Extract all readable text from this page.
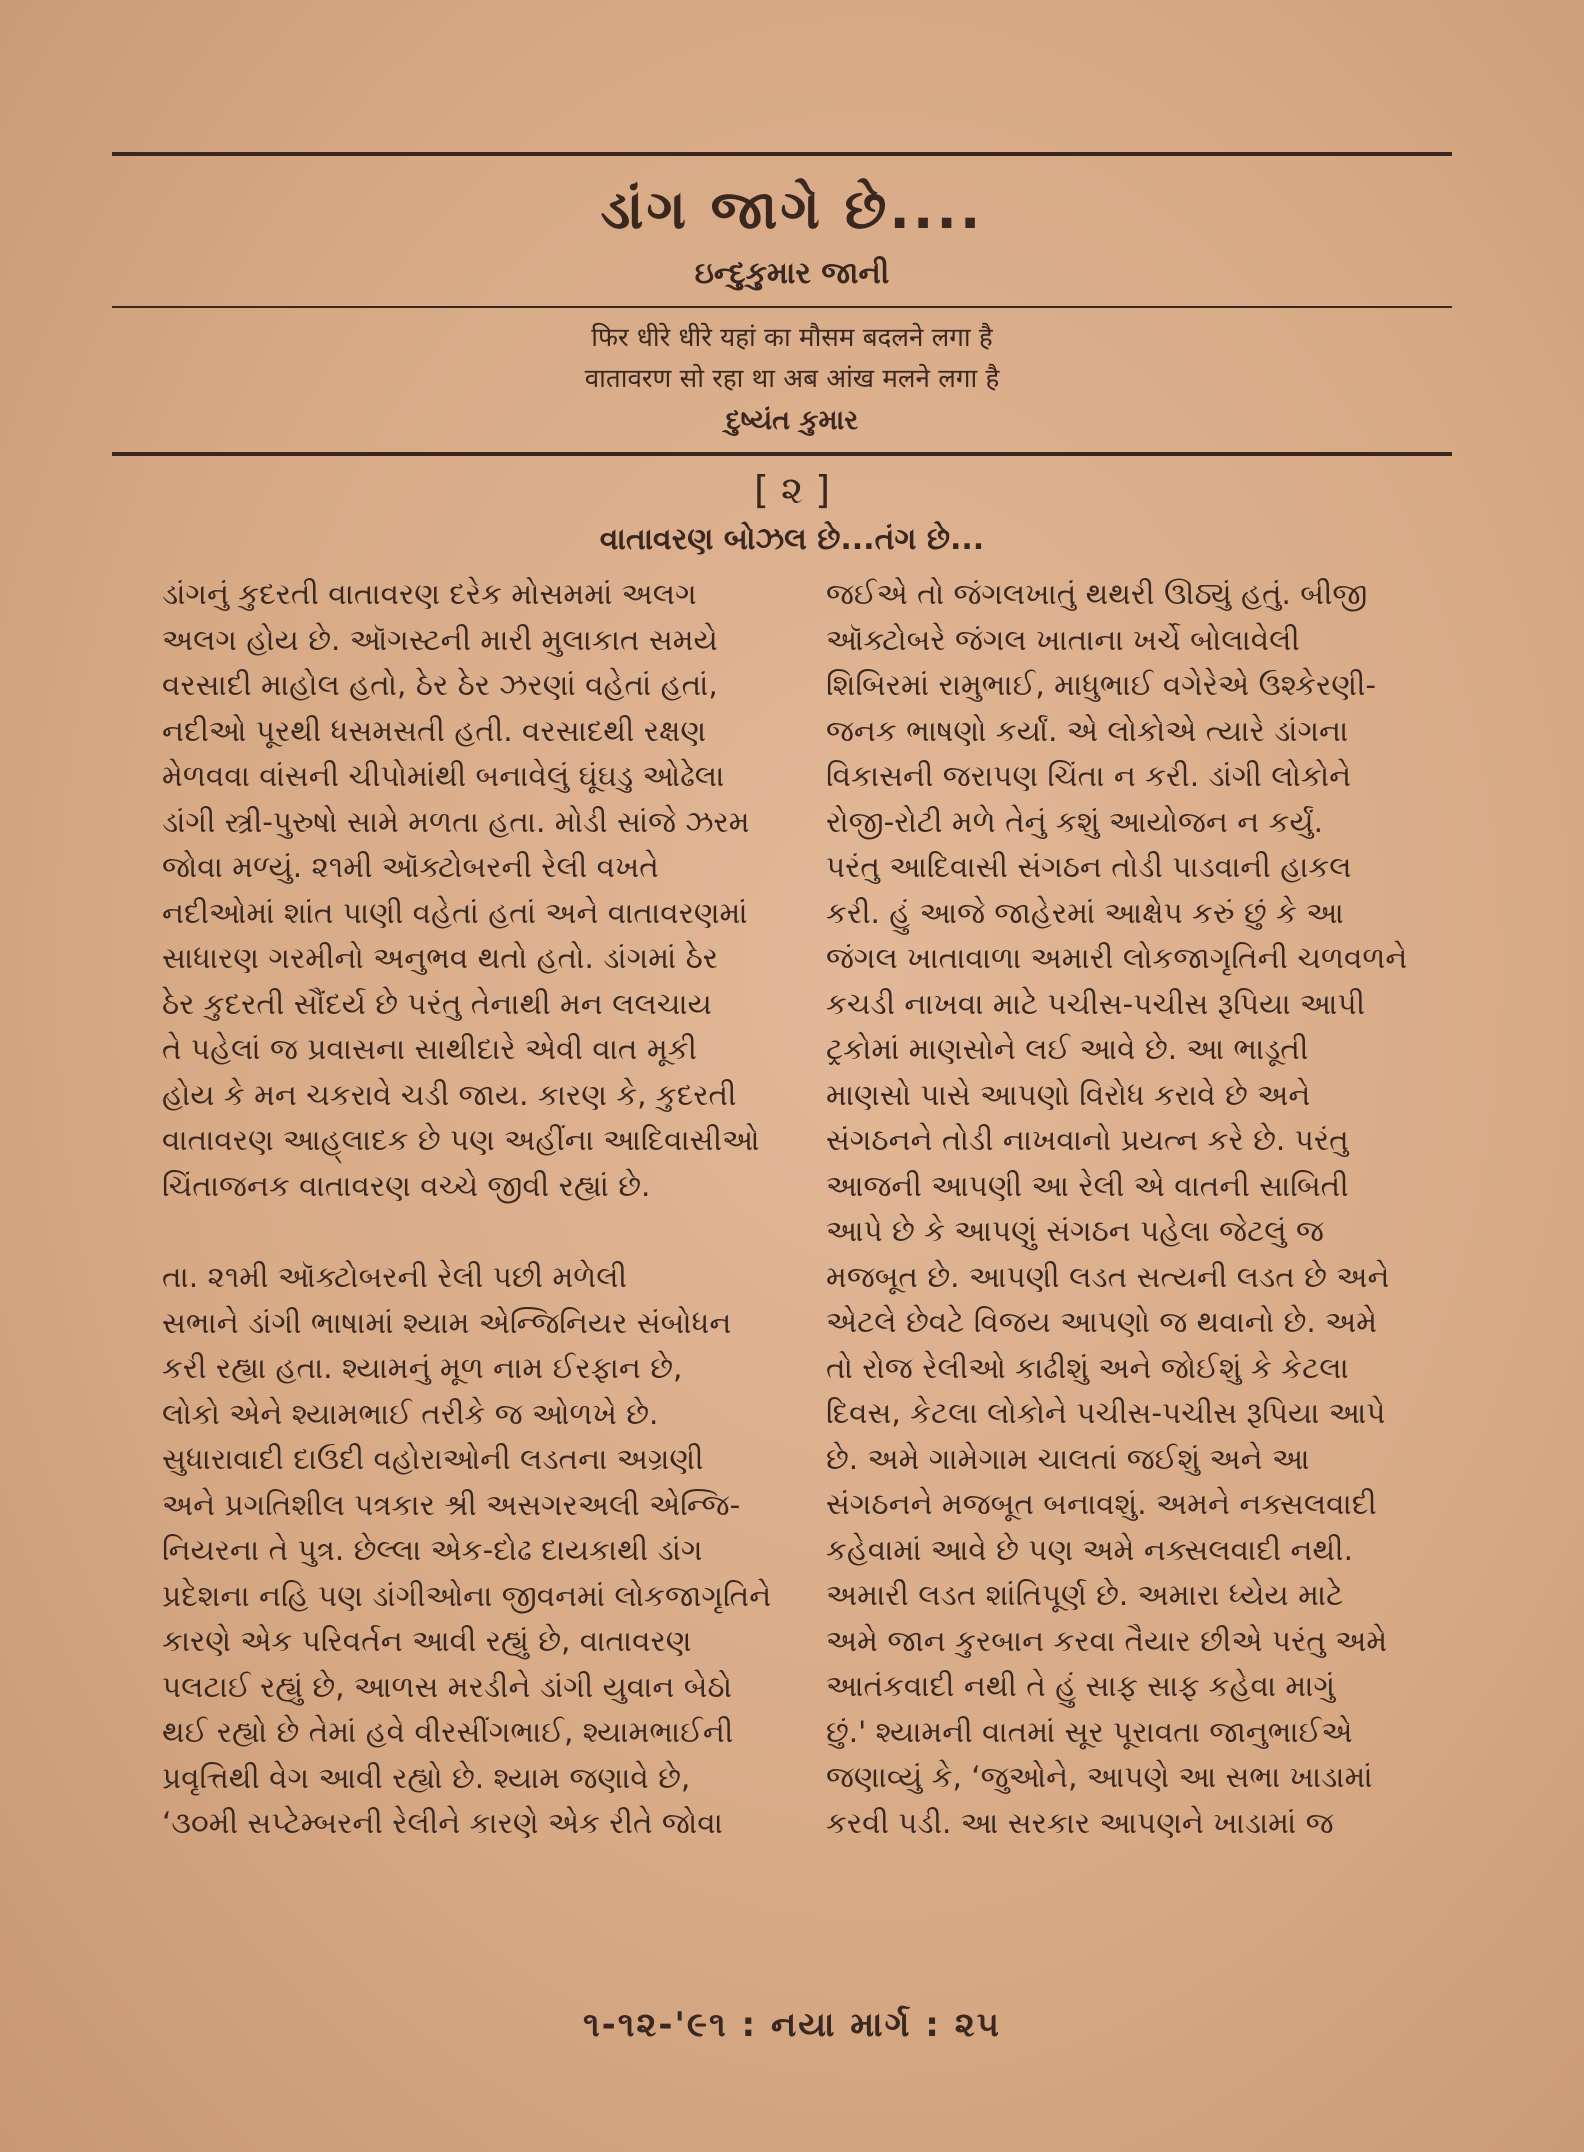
ડાંગ જાગે છે....
ઇન્દુકુમાર જાની
फिर धीरे धीरे यहां का मौसम बदलने लगा है
वातावरण सो रहा था अब आंख मलने लगा है
દુષ્યંત કુમાર
[ ૨ ]
વાતાવરણ બોઝલ છે...તંગ છે...

ડાંગનું કુદરતી વાતાવરણ દરેક મોસમમાં અલગ
અલગ હોય છે. ઑગસ્ટની મારી મુલાકાત સમયે
વરસાદી માહોલ હતો, ઠેર ઠેર ઝરણાં વહેતાં હતાં,
નદીઓ પૂરથી ધસમસતી હતી. વરસાદથી રક્ષણ
મેળવવા વાંસની ચીપોમાંથી બનાવેલું ઘૂંઘડુ ઓઢેલા
ડાંગી સ્ત્રી-પુરુષો સામે મળતા હતા. મોડી સાંજે ઝરમ
જોવા મળ્યું. ૨૧મી ઑક્ટોબરની રેલી વખતે
નદીઓમાં શાંત પાણી વહેતાં હતાં અને વાતાવરણમાં
સાધારણ ગરમીનો અનુભવ થતો હતો. ડાંગમાં ઠેર
ઠેર કુદરતી સૌંદર્ય છે પરંતુ તેનાથી મન લલચાય
તે પહેલાં જ પ્રવાસના સાથીદારે એવી વાત મૂકી
હોય કે મન ચકરાવે ચડી જાય. કારણ કે, કુદરતી
વાતાવરણ આહ્‌લાદક છે પણ અહીંના આદિવાસીઓ
ચિંતાજનક વાતાવરણ વચ્ચે જીવી રહ્યાં છે.

તા. ૨૧મી ઑક્ટોબરની રેલી પછી મળેલી
સભાને ડાંગી ભાષામાં શ્યામ એન્જિનિયર સંબોધન
કરી રહ્યા હતા. શ્યામનું મૂળ નામ ઈરફાન છે,
લોકો એને શ્યામભાઈ તરીકે જ ઓળખે છે.
સુધારાવાદી દાઉદી વહોરાઓની લડતના અગ્રણી
અને પ્રગતિશીલ પત્રકાર શ્રી અસગરઅલી એન્જિ-
નિયરના તે પુત્ર. છેલ્લા એક-દોઢ દાયકાથી ડાંગ
પ્રદેશના નહિ પણ ડાંગીઓના જીવનમાં લોકજાગૃતિને
કારણે એક પરિવર્તન આવી રહ્યું છે, વાતાવરણ
પલટાઈ રહ્યું છે, આળસ મરડીને ડાંગી યુવાન બેઠો
થઈ રહ્યો છે તેમાં હવે વીરસીંગભાઈ, શ્યામભાઈની
પ્રવૃત્તિથી વેગ આવી રહ્યો છે. શ્યામ જણાવે છે,
‘૩૦મી સપ્ટેમ્બરની રેલીને કારણે એક રીતે જોવા

જઈએ તો જંગલખાતું થથરી ઊઠ્યું હતું. બીજી
ઑક્ટોબરે જંગલ ખાતાના ખર્ચે બોલાવેલી
શિબિરમાં રામુભાઈ, માધુભાઈ વગેરેએ ઉશ્કેરણી-
જનક ભાષણો કર્યાં. એ લોકોએ ત્યારે ડાંગના
વિકાસની જરાપણ ચિંતા ન કરી. ડાંગી લોકોને
રોજી-રોટી મળે તેનું કશું આયોજન ન કર્યું.
પરંતુ આદિવાસી સંગઠન તોડી પાડવાની હાકલ
કરી. હું આજે જાહેરમાં આક્ષેપ કરું છું કે આ
જંગલ ખાતાવાળા અમારી લોકજાગૃતિની ચળવળને
કચડી નાખવા માટે પચીસ-પચીસ રૂપિયા આપી
ટ્રકોમાં માણસોને લઈ આવે છે. આ ભાડૂતી
માણસો પાસે આપણો વિરોધ કરાવે છે અને
સંગઠનને તોડી નાખવાનો પ્રયત્ન કરે છે. પરંતુ
આજની આપણી આ રેલી એ વાતની સાબિતી
આપે છે કે આપણું સંગઠન પહેલા જેટલું જ
મજબૂત છે. આપણી લડત સત્યની લડત છે અને
એટલે છેવટે વિજય આપણો જ થવાનો છે. અમે
તો રોજ રેલીઓ કાઢીશું અને જોઈશું કે કેટલા
દિવસ, કેટલા લોકોને પચીસ-પચીસ રૂપિયા આપે
છે. અમે ગામેગામ ચાલતાં જઈશું અને આ
સંગઠનને મજબૂત બનાવશું. અમને નક્સલવાદી
કહેવામાં આવે છે પણ અમે નક્સલવાદી નથી.
અમારી લડત શાંતિપૂર્ણ છે. અમારા ધ્યેય માટે
અમે જાન કુરબાન કરવા તૈયાર છીએ પરંતુ અમે
આતંકવાદી નથી તે હું સાફ સાફ કહેવા માગું
છું.' શ્યામની વાતમાં સૂર પૂરાવતા જાનુભાઈએ
જણાવ્યું કે, ‘જુઓને, આપણે આ સભા ખાડામાં
કરવી પડી. આ સરકાર આપણને ખાડામાં જ

૧-૧૨-'૯૧ : નયા માર્ગ : ૨૫
